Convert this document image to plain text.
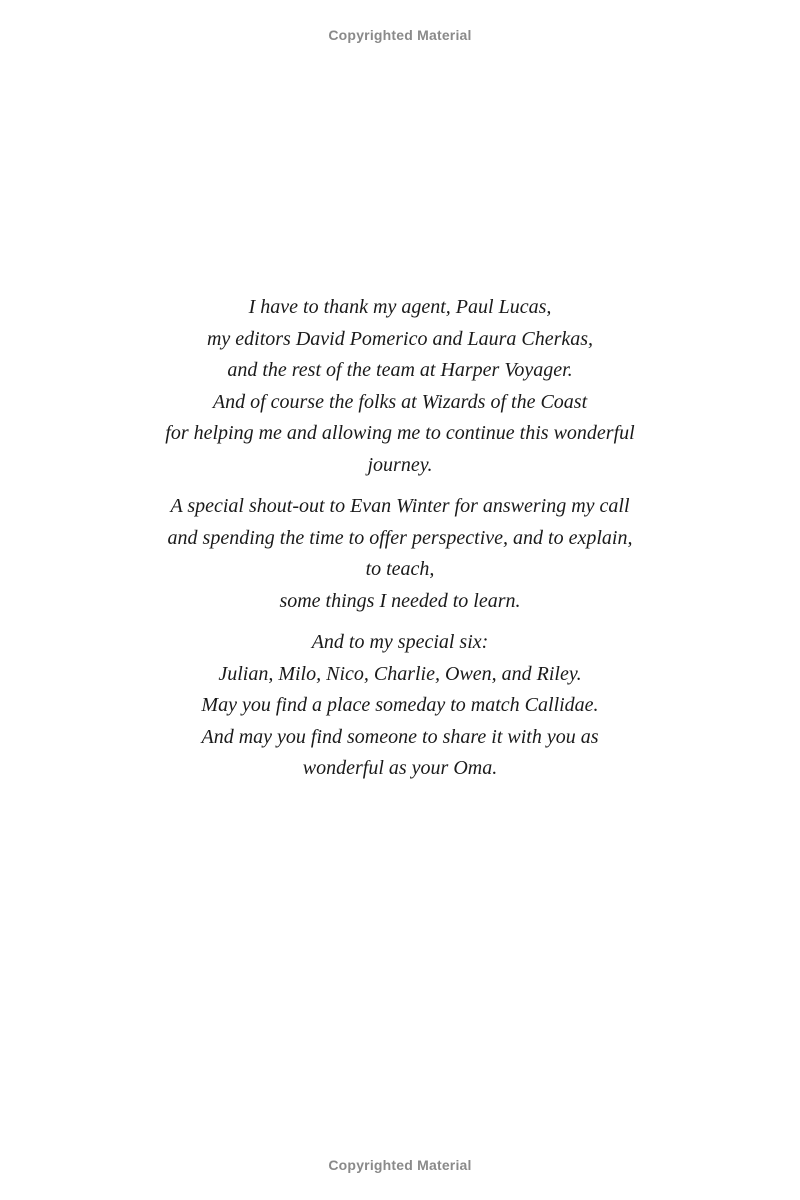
Copyrighted Material

I have to thank my agent, Paul Lucas,
my editors David Pomerico and Laura Cherkas,
and the rest of the team at Harper Voyager.
And of course the folks at Wizards of the Coast
for helping me and allowing me to continue this wonderful
journey.

A special shout-out to Evan Winter for answering my call
and spending the time to offer perspective, and to explain,
to teach,
some things I needed to learn.

And to my special six:
Julian, Milo, Nico, Charlie, Owen, and Riley.
May you find a place someday to match Callidae.
And may you find someone to share it with you as
wonderful as your Oma.

Copyrighted Material
